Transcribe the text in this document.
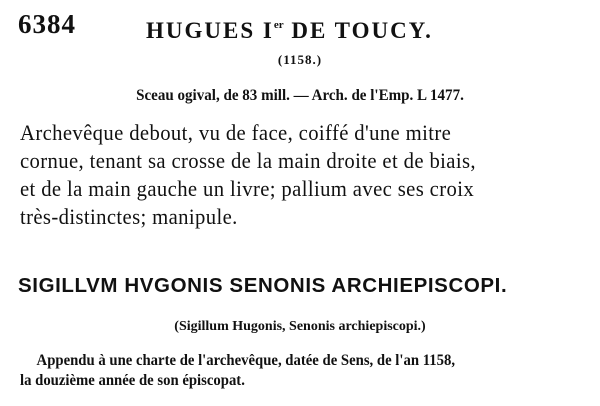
6384	HUGUES Ier DE TOUCY.
(1158.)
Sceau ogival, de 83 mill. — Arch. de l'Emp. L 1477.
Archevêque debout, vu de face, coiffé d'une mitre
cornue, tenant sa crosse de la main droite et de biais,
et de la main gauche un livre; pallium avec ses croix
très-distinctes; manipule.
SIGILLVM HVGONIS SENONIS ARCHIEPISCOPI.
(Sigillum Hugonis, Senonis archiepiscopi.)
Appendu à une charte de l'archevêque, datée de Sens, de l'an 1158,
la douzième année de son épiscopat.
